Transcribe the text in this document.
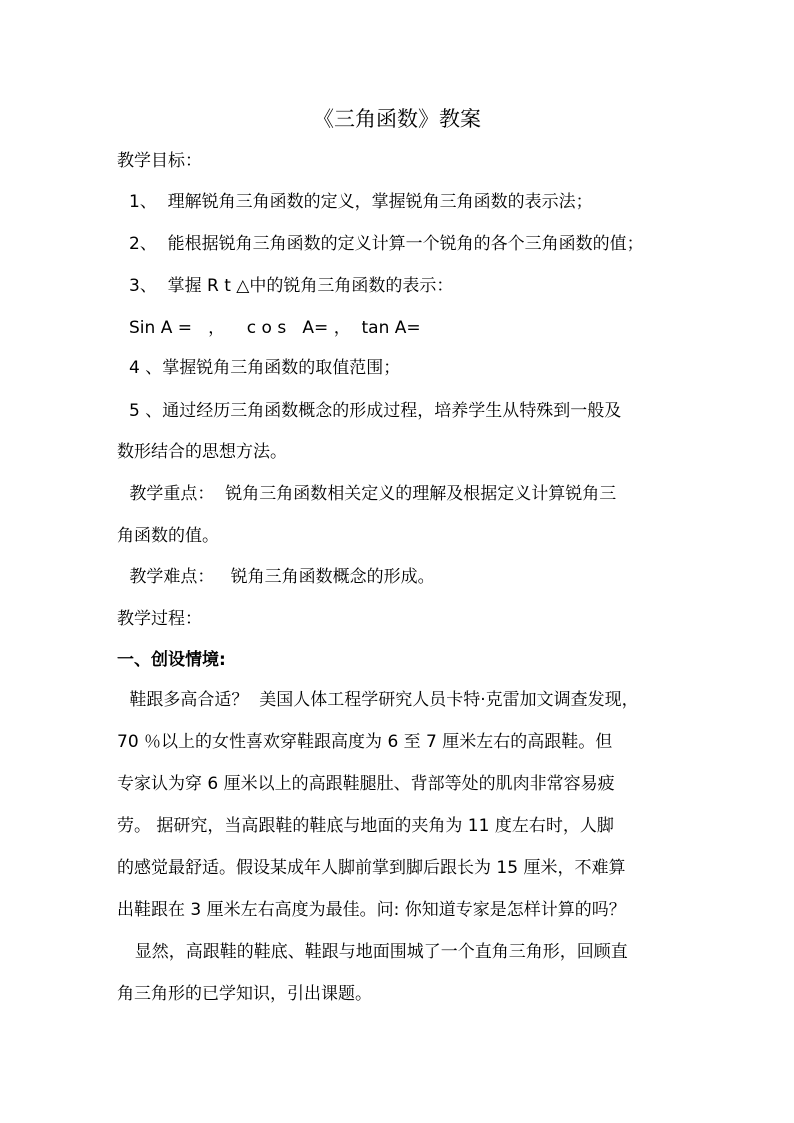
《三角函数》教案
教学目标：
1、  理解锐角三角函数的定义，掌握锐角三角函数的表示法；
2、  能根据锐角三角函数的定义计算一个锐角的各个三角函数的值；
3、  掌握 R t △中的锐角三角函数的表示：
Sin A =   ，    c o s   A= ，  tan A=
4 、掌握锐角三角函数的取值范围；
5 、通过经历三角函数概念的形成过程，培养学生从特殊到一般及
数形结合的思想方法。
教学重点：  锐角三角函数相关定义的理解及根据定义计算锐角三
角函数的值。
教学难点：   锐角三角函数概念的形成。
教学过程：
一、创设情境:
鞋跟多高合适？  美国人体工程学研究人员卡特·克雷加文调查发现，
70 ％以上的女性喜欢穿鞋跟高度为 6 至 7 厘米左右的高跟鞋。但
专家认为穿 6 厘米以上的高跟鞋腿肚、背部等处的肌肉非常容易疲
劳。 据研究，当高跟鞋的鞋底与地面的夹角为 11 度左右时，人脚
的感觉最舒适。假设某成年人脚前掌到脚后跟长为 15 厘米，不难算
出鞋跟在 3 厘米左右高度为最佳。问: 你知道专家是怎样计算的吗？
显然，高跟鞋的鞋底、鞋跟与地面围城了一个直角三角形，回顾直
角三角形的已学知识，引出课题。
